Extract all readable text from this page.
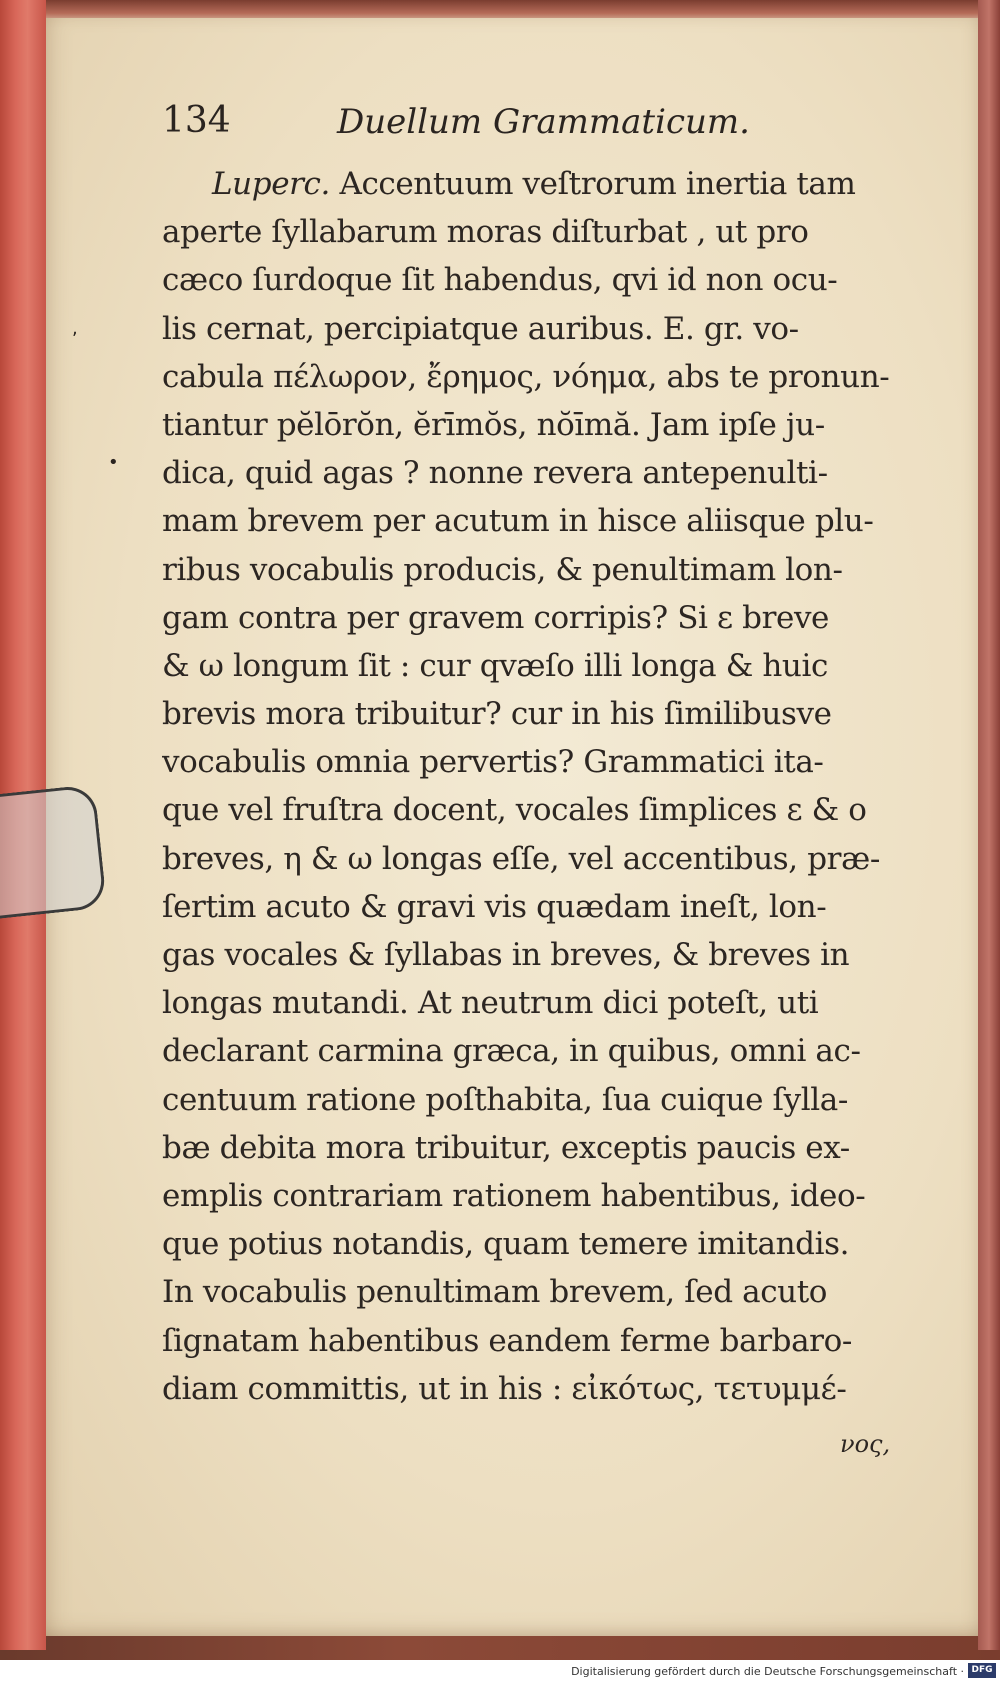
,
•
134	Duellum Grammaticum.
Luperc. Accentuum veſtrorum inertia tam
aperte ſyllabarum moras diſturbat , ut pro
cæco ſurdoque ſit habendus, qvi id non ocu-
lis cernat, percipiatque auribus. E. gr. vo-
cabula πέλωρον, ἔρημος, νόημα, abs te pronun-
tiantur pĕlōrŏn, ĕrīmŏs, nŏīmă. Jam ipſe ju-
dica, quid agas ? nonne revera antepenulti-
mam brevem per acutum in hisce aliisque plu-
ribus vocabulis producis, & penultimam lon-
gam contra per gravem corripis? Si ε breve
& ω longum ſit : cur qvæſo illi longa & huic
brevis mora tribuitur? cur in his ſimilibusve
vocabulis omnia pervertis? Grammatici ita-
que vel fruſtra docent, vocales ſimplices ε & ο
breves, η & ω longas eſſe, vel accentibus, præ-
ſertim acuto & gravi vis quædam ineſt, lon-
gas vocales & ſyllabas in breves, & breves in
longas mutandi. At neutrum dici poteſt, uti
declarant carmina græca, in quibus, omni ac-
centuum ratione poſthabita, ſua cuique ſylla-
bæ debita mora tribuitur, exceptis paucis ex-
emplis contrariam rationem habentibus, ideo-
que potius notandis, quam temere imitandis.
In vocabulis penultimam brevem, ſed acuto
ſignatam habentibus eandem ferme barbaro-
diam committis, ut in his : εἰκότως, τετυμμέ-
νος,
Digitalisierung gefördert durch die Deutsche Forschungsgemeinschaft · DFG
